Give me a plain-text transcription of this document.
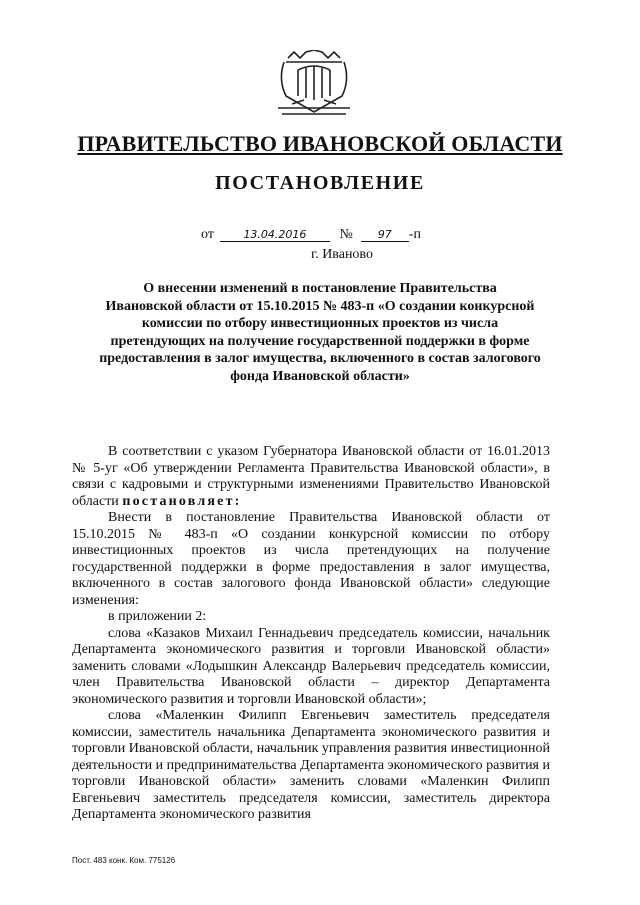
ПРАВИТЕЛЬСТВО ИВАНОВСКОЙ ОБЛАСТИ
ПОСТАНОВЛЕНИЕ
от	13.04.2016 № 97 -п
г. Иваново
О внесении изменений в постановление Правительства
Ивановской области от 15.10.2015 № 483-п «О создании конкурсной
комиссии по отбору инвестиционных проектов из числа
претендующих на получение государственной поддержки в форме
предоставления в залог имущества, включенного в состав залогового
фонда Ивановской области»

В соответствии с указом Губернатора Ивановской области от 16.01.2013 № 5-уг «Об утверждении Регламента Правительства Ивановской области», в связи с кадровыми и структурными изменениями Правительство Ивановской области постановляет:

Внести в постановление Правительства Ивановской области от 15.10.2015 № 483-п «О создании конкурсной комиссии по отбору инвестиционных проектов из числа претендующих на получение государственной поддержки в форме предоставления в залог имущества, включенного в состав залогового фонда Ивановской области» следующие изменения:

в приложении 2:

слова «Казаков Михаил Геннадьевич председатель комиссии, начальник Департамента экономического развития и торговли Ивановской области» заменить словами «Лодышкин Александр Валерьевич председатель комиссии, член Правительства Ивановской области – директор Департамента экономического развития и торговли Ивановской области»;

слова «Маленкин Филипп Евгеньевич заместитель председателя комиссии, заместитель начальника Департамента экономического развития и торговли Ивановской области, начальник управления развития инвестиционной деятельности и предпринимательства Департамента экономического развития и торговли Ивановской области» заменить словами «Маленкин Филипп Евгеньевич заместитель председателя комиссии, заместитель директора Департамента экономического развития

Пост. 483 конк. Ком. 775126
